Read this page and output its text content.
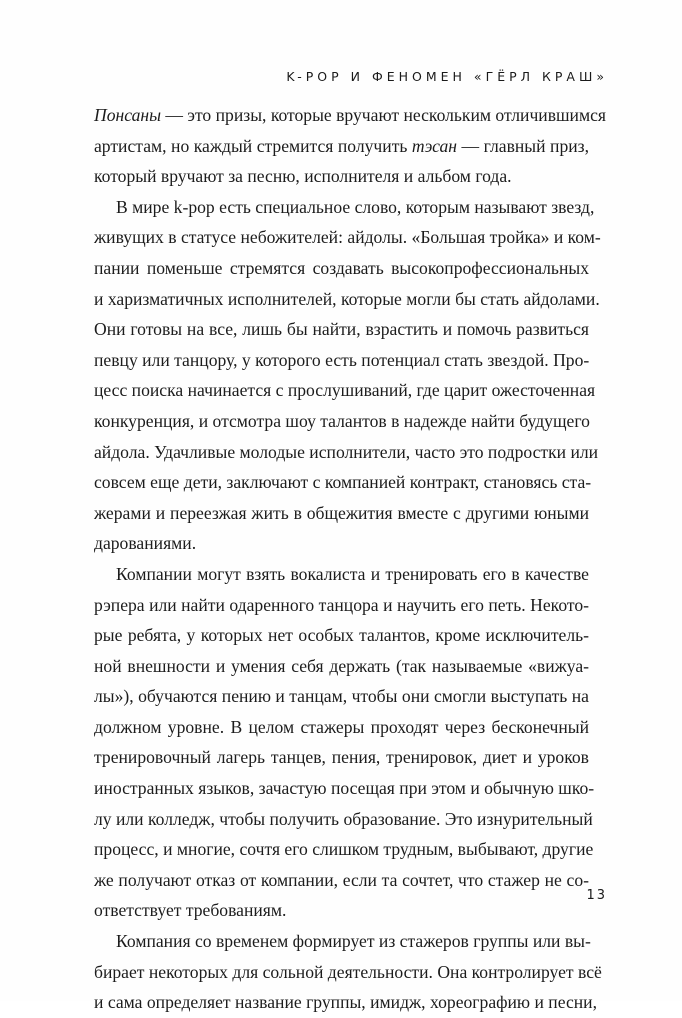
K-POP И ФЕНОМЕН «ГЁРЛ КРАШ»

Понсаны — это призы, которые вручают нескольким отличившимся
артистам, но каждый стремится получить тэсан — главный приз,
который вручают за песню, исполнителя и альбом года.

В мире k-pop есть специальное слово, которым называют звезд,
живущих в статусе небожителей: айдолы. «Большая тройка» и ком-
пании поменьше стремятся создавать высокопрофессиональных
и харизматичных исполнителей, которые могли бы стать айдолами.
Они готовы на все, лишь бы найти, взрастить и помочь развиться
певцу или танцору, у которого есть потенциал стать звездой. Про-
цесс поиска начинается с прослушиваний, где царит ожесточенная
конкуренция, и отсмотра шоу талантов в надежде найти будущего
айдола. Удачливые молодые исполнители, часто это подростки или
совсем еще дети, заключают с компанией контракт, становясь ста-
жерами и переезжая жить в общежития вместе с другими юными
дарованиями.

Компании могут взять вокалиста и тренировать его в качестве
рэпера или найти одаренного танцора и научить его петь. Некото-
рые ребята, у которых нет особых талантов, кроме исключитель-
ной внешности и умения себя держать (так называемые «вижуа-
лы»), обучаются пению и танцам, чтобы они смогли выступать на
должном уровне. В целом стажеры проходят через бесконечный
тренировочный лагерь танцев, пения, тренировок, диет и уроков
иностранных языков, зачастую посещая при этом и обычную шко-
лу или колледж, чтобы получить образование. Это изнурительный
процесс, и многие, сочтя его слишком трудным, выбывают, другие
же получают отказ от компании, если та сочтет, что стажер не со-
ответствует требованиям.

Компания со временем формирует из стажеров группы или вы-
бирает некоторых для сольной деятельности. Она контролирует всё
и сама определяет название группы, имидж, хореографию и песни,

13
